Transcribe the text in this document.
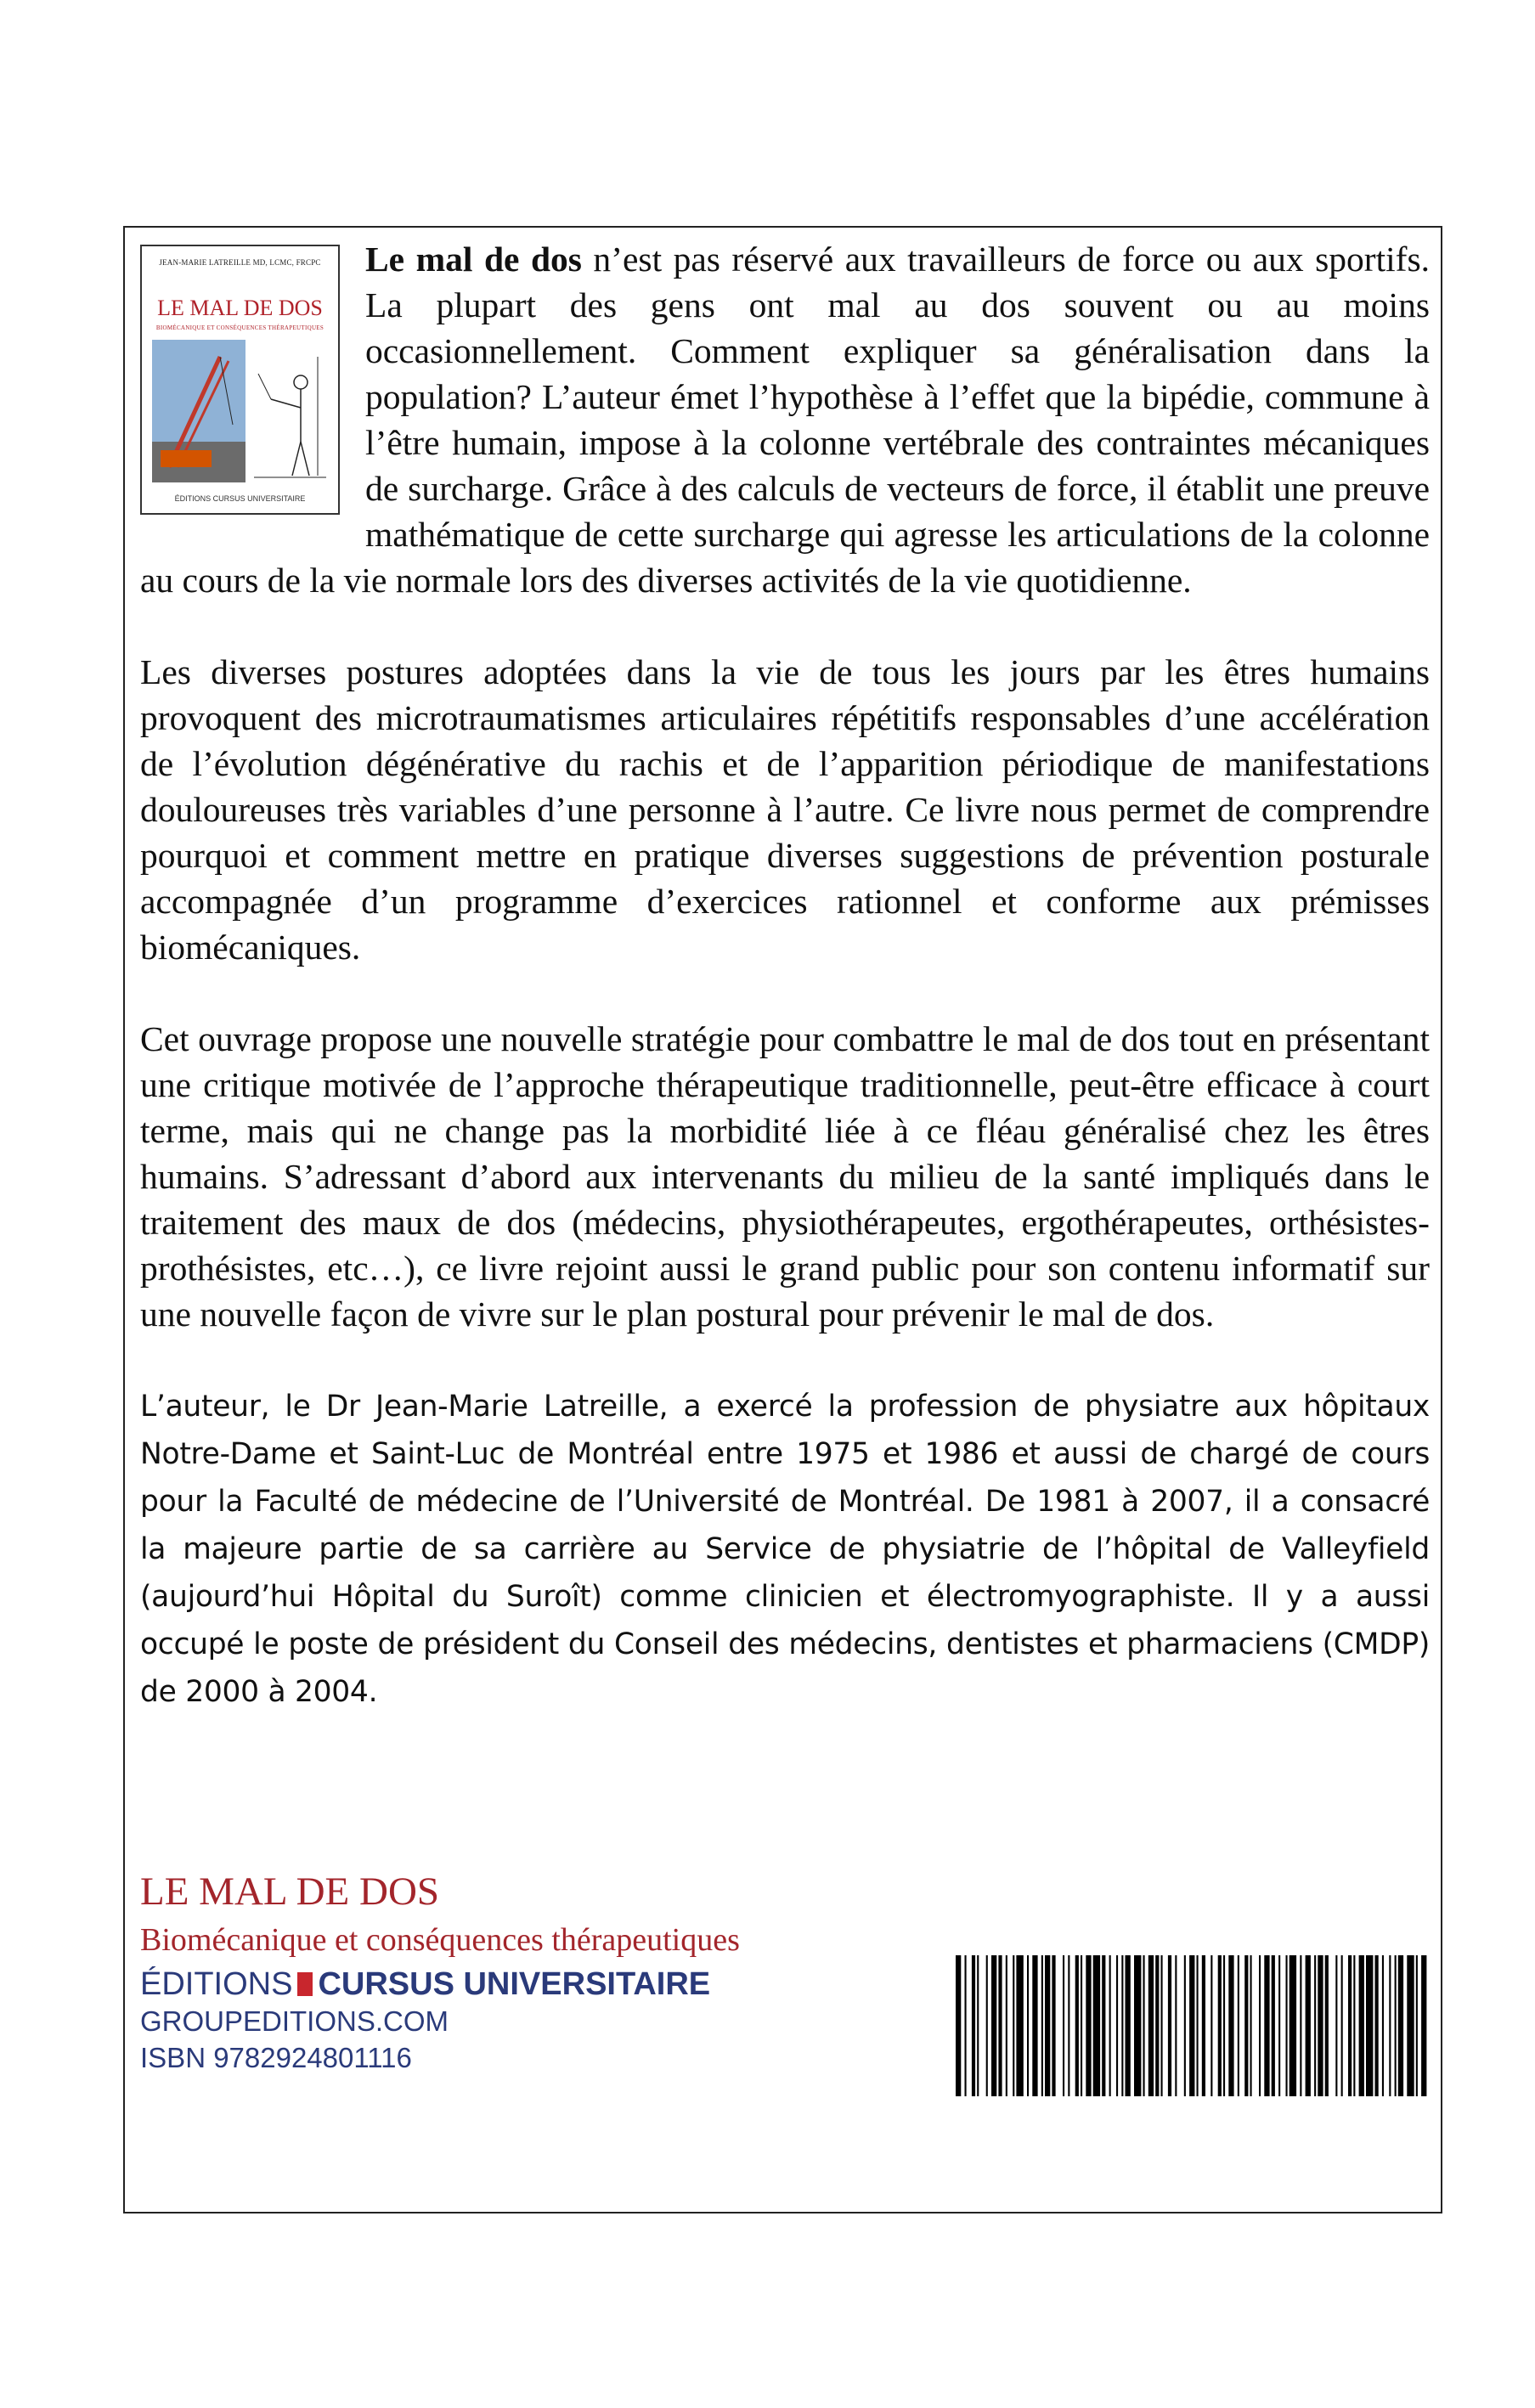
JEAN-MARIE LATREILLE MD, LCMC, FRCPC
LE MAL DE DOS
BIOMÉCANIQUE ET CONSÉQUENCES THÉRAPEUTIQUES
ÉDITIONS CURSUS UNIVERSITAIRE

Le mal de dos n’est pas réservé aux travailleurs de force ou aux sportifs. La plupart des gens ont mal au dos souvent ou au moins occasionnellement. Comment expliquer sa généralisation dans la population? L’auteur émet l’hypothèse à l’effet que la bipédie, commune à l’être humain, impose à la colonne vertébrale des contraintes mécaniques de surcharge. Grâce à des calculs de vecteurs de force, il établit une preuve mathématique de cette surcharge qui agresse les articulations de la colonne au cours de la vie normale lors des diverses activités de la vie quotidienne.

Les diverses postures adoptées dans la vie de tous les jours par les êtres humains provoquent des microtraumatismes articulaires répétitifs responsables d’une accélération de l’évolution dégénérative du rachis et de l’apparition périodique de manifestations douloureuses très variables d’une personne à l’autre. Ce livre nous permet de comprendre pourquoi et comment mettre en pratique diverses suggestions de prévention posturale accompagnée d’un programme d’exercices rationnel et conforme aux prémisses biomécaniques.

Cet ouvrage propose une nouvelle stratégie pour combattre le mal de dos tout en présentant une critique motivée de l’approche thérapeutique traditionnelle, peut-être efficace à court terme, mais qui ne change pas la morbidité liée à ce fléau généralisé chez les êtres humains. S’adressant d’abord aux intervenants du milieu de la santé impliqués dans le traitement des maux de dos (médecins, physiothérapeutes, ergothérapeutes, orthésistes-prothésistes, etc…), ce livre rejoint aussi le grand public pour son contenu informatif sur une nouvelle façon de vivre sur le plan postural pour prévenir le mal de dos.

L’auteur, le Dr Jean-Marie Latreille, a exercé la profession de physiatre aux hôpitaux Notre-Dame et Saint-Luc de Montréal entre 1975 et 1986 et aussi de chargé de cours pour la Faculté de médecine de l’Université de Montréal. De 1981 à 2007, il a consacré la majeure partie de sa carrière au Service de physiatrie de l’hôpital de Valleyfield (aujourd’hui Hôpital du Suroît) comme clinicien et électromyographiste. Il y a aussi occupé le poste de président du Conseil des médecins, dentistes et pharmaciens (CMDP) de 2000 à 2004.

LE MAL DE DOS
Biomécanique et conséquences thérapeutiques
ÉDITIONS CURSUS UNIVERSITAIRE
GROUPEDITIONS.COM
ISBN 9782924801116
